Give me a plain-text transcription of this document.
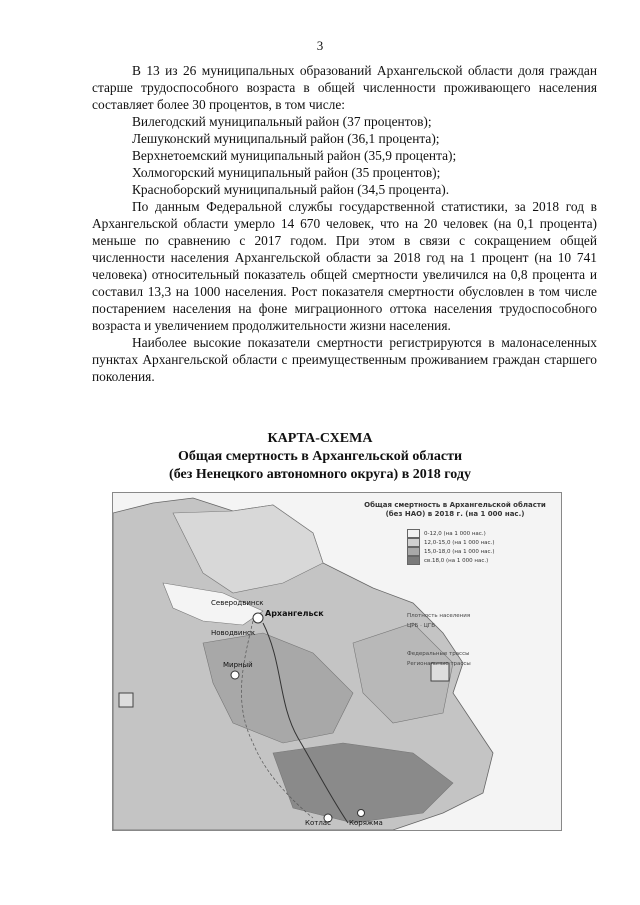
3

В 13 из 26 муниципальных образований Архангельской области доля граждан старше трудоспособного возраста в общей численности проживающего населения составляет более 30 процентов, в том числе:

Вилегодский муниципальный район (37 процентов);

Лешуконский муниципальный район (36,1 процента);

Верхнетоемский муниципальный район (35,9 процента);

Холмогорский муниципальный район (35 процентов);

Красноборский муниципальный район (34,5 процента).

По данным Федеральной службы государственной статистики, за 2018 год в Архангельской области умерло 14 670 человек, что на 20 человек (на 0,1 процента) меньше по сравнению с 2017 годом. При этом в связи с сокращением общей численности населения Архангельской области за 2018 год на 1 процент (на 10 741 человека) относительный показатель общей смертности увеличился на 0,8 процента и составил 13,3 на 1000 населения. Рост показателя смертности обусловлен в том числе постарением населения на фоне миграционного оттока населения трудоспособного возраста и увеличением продолжительности жизни населения.

Наиболее высокие показатели смертности регистрируются в малонаселенных пунктах Архангельской области с преимущественным проживанием граждан старшего поколения.

КАРТА-СХЕМА
Общая смертность в Архангельской области
(без Ненецкого автономного округа) в 2018 году
Общая смертность в Архангельской области (без НАО) в 2018 г. (на 1 000 нас.)
0-12,0 (на 1 000 нас.)
12,0-15,0 (на 1 000 нас.)
15,0-18,0 (на 1 000 нас.)
св.18,0 (на 1 000 нас.)
Плотность населения
ЦРБ · ЦГБ
Федеральные трассы
Региональные трассы
Северодвинск
Архангельск
Новодвинск
Мирный
Котлас	Коряжма
